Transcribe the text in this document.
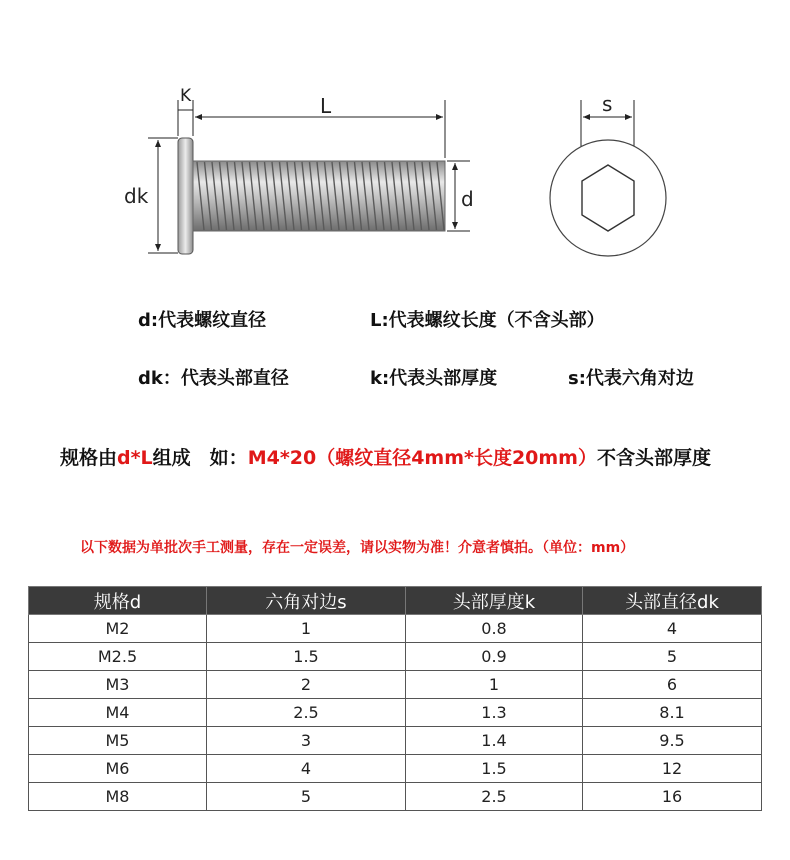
K	L
dk	d
s
d:代表螺纹直径	L:代表螺纹长度（不含头部）
dk：代表头部直径	k:代表头部厚度	s:代表六角对边
规格由d*L组成　如：M4*20（螺纹直径4mm*长度20mm）不含头部厚度
以下数据为单批次手工测量，存在一定误差，请以实物为准！介意者慎拍。（单位：mm）
规格d	六角对边s	头部厚度k	头部直径dk
M2	1	0.8	4
M2.5	1.5	0.9	5
M3	2	1	6
M4	2.5	1.3	8.1
M5	3	1.4	9.5
M6	4	1.5	12
M8	5	2.5	16
